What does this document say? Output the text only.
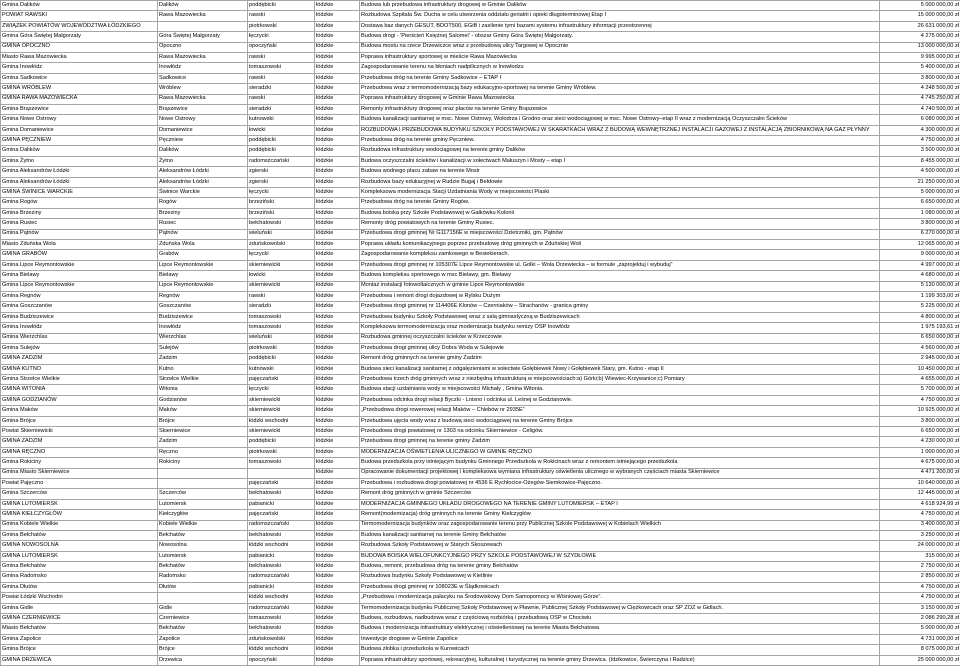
Gmina Dalików	Dalików	poddębicki	łódzkie	Budowa lub przebudowa infrastruktury drogowej w Gminie Dalików	5 000 000,00 zł
POWIAT RAWSKI	Rawa Mazowiecka	rawski	łódzkie	Rozbudowa Szpitala Św. Ducha w celu utworzenia oddziału geriatrii i opieki długoterminowej Etap I	15 000 000,00 zł
ZWIĄZEK POWIATÓW WOJEWÓDZTWA ŁÓDZKIEGO		piotrkowski	łódzkie	Dostawa baz danych GESUT, BDOT500, EGiB i zasilenie tymi bazami systemu infrastruktury informacji przestrzennej	26 631 000,00 zł
Gmina Góra Świętej Małgorzaty	Góra Świętej Małgorzaty	łęczycki	łódzkie	Budowa drogi - 'Pierścień Księżnej Salomei' - obszar Gminy Góra Świętej Małgorzaty.	4 275 000,00 zł
GMINA OPOCZNO	Opoczno	opoczyński	łódzkie	Budowa mostu na rzece Drzewiczce wraz z przebudową ulicy Targowej w Opocznie	13 000 000,00 zł
Miasto Rawa Mazowiecka	Rawa Mazowiecka	rawski	łódzkie	Poprawa infrastruktury sportowej w mieście Rawa Mazowiecka	9 995 000,00 zł
Gmina Inowłódz	Inowłódz	tomaszowski	łódzkie	Zagospodarowanie terenu na błoniach nadpilicznych w Inowłodzu	5 400 000,00 zł
Gmina Sadkowice	Sadkowice	rawski	łódzkie	Przebudowa dróg na terenie Gminy Sadkowice – ETAP I	3 800 000,00 zł
GMINA WRÓBLEW	Wróblew	sieradzki	łódzkie	Przebudowa wraz z termomodernizacją bazy edukacyjno-sportowej na terenie Gminy Wróblew.	4 248 500,00 zł
GMINA RAWA MAZOWIECKA	Rawa Mazowiecka	rawski	łódzkie	Poprawa infrastruktury drogowej w Gminie Rawa Mazowiecka	4 745 250,00 zł
Gmina Brąszewice	Brąszewice	sieradzki	łódzkie	Remonty infrastruktury drogowej oraz placów na terenie Gminy Brąszewice	4 740 500,00 zł
Gmina Nowe Ostrowy	Nowe Ostrowy	kutnowski	łódzkie	Budowa kanalizacji sanitarnej w msc. Nowe Ostrowy, Wołodrza i Grodno oraz sieci wodociągowej w msc. Nowe Ostrowy–etap II wraz z modernizacją Oczyszczalni Ścieków	6 080 000,00 zł
Gmina Domaniewice	Domaniewice	łowicki	łódzkie	ROZBUDOWA I PRZEBUDOWA BUDYNKU SZKOŁY PODSTAWOWEJ W SKARATKACH WRAZ Z BUDOWĄ WEWNĘTRZNEJ INSTALACJI GAZOWEJ Z INSTALACJĄ ZBIORNIKOWĄ NA GAZ PŁYNNY	4 300 000,00 zł
GMINA PĘCZNIEW	Pęczniew	poddębicki	łódzkie	Przebudowa dróg na terenie gminy Pęczniew.	4 750 000,00 zł
Gmina Dalików	Dalików	poddębicki	łódzkie	Rozbudowa infrastruktury wodociągowej na terenie gminy Dalików	3 500 000,00 zł
Gmina Żytno	Żytno	radomszczański	łódzkie	Budowa oczyszczalni ścieków i kanalizacji w sołectwach Maluszyn i Mosty – etap I	8 455 000,00 zł
Gmina Aleksandrów Łódzki	Aleksandrów Łódzki	zgierski	łódzkie	Budowa wodnego placu zabaw na terenie Mosir	4 500 000,00 zł
Gmina Aleksandrów Łódzki	Aleksandrów Łódzki	zgierski	łódzkie	Rozbudowa bazy edukacyjnej w Rudzie Bugaj i Bełdowie	21 250 000,00 zł
GMINA ŚWINICE WARCKIE	Świnice Warckie	łęczycki	łódzkie	Kompleksowa modernizacja Stacji Uzdatniania Wody w miejscowości Piaski	5 000 000,00 zł
Gmina Rogów	Rogów	brzeziński	łódzkie	Przebudowa dróg na terenie Gminy Rogów.	6 650 000,00 zł
Gmina Brzeziny	Brzeziny	brzeziński	łódzkie	Budowa boiska przy Szkole Podstawowej w Gałkówku Kolonii	1 080 000,00 zł
Gmina Rusiec	Rusiec	bełchatowski	łódzkie	Remonty dróg powiatowych na terenie Gminy Rusiec.	3 800 000,00 zł
Gmina Pątnów	Pątnów	wieluński	łódzkie	Przebudowa drogi gminnej Nr G117156E w miejscowości Dzietrzniki, gm. Pątnów	6 270 000,00 zł
Miasto Zduńska Wola	Zduńska Wola	zduńskowolski	łódzkie	Poprawa układu komunikacyjnego poprzez przebudowę dróg gminnych w Zduńskiej Woli	12 065 000,00 zł
GMINA GRABÓW	Grabów	łęczycki	łódzkie	Zagospodarowanie kompleksu zamkowego w Besiekierach.	9 000 000,00 zł
Gmina Lipce Reymontowskie	Lipce Reymontowskie	skierniewicki	łódzkie	Przebudowa drogi gminnej nr 105307E Lipce Reymontowskie ul. Golki – Wola Drzewiecka – w formule „zaprojektuj i wybuduj”	4 997 000,00 zł
Gmina Bielawy	Bielawy	łowicki	łódzkie	Budowa kompleksu sportowego w msc Bielawy, gm. Bielawy	4 680 000,00 zł
Gmina Lipce Reymontowskie	Lipce Reymontowskie	skierniewicki	łódzkie	Montaż instalacji fotowoltaicznych w gminie Lipce Reymontowskie	5 130 000,00 zł
Gmina Regnów	Regnów	rawski	łódzkie	Przebudowa i remont drogi dojazdowej w Rylsku Dużym	1 199 303,00 zł
Gmina Goszczanów	Goszczanów	sieradzki	łódzkie	Przebudowa drogi gminnej nr 114406E Klonów – Czerniaków – Strachanów - granica gminy	5 225 000,00 zł
Gmina Budziszewice	Budziszewice	tomaszowski	łódzkie	Przebudowa budynku Szkoły Podstawowej wraz z salą gimnastyczną w Budziszewicach	4 800 000,00 zł
Gmina Inowłódz	Inowłódz	tomaszowski	łódzkie	Kompleksowa termomodernizacja oraz modernizacja budynku remizy OSP Inowłódz	1 975 193,61 zł
Gmina Wierzchlas	Wierzchlas	wieluński	łódzkie	Rozbudowa gminnej oczyszczalni ścieków w Krzeczowie	6 650 000,00 zł
Gmina Sulejów	Sulejów	piotrkowski	łódzkie	Przebudowa drogi gminnej ulicy Dobra Woda w Sulejowie	4 560 000,00 zł
GMINA ZADZIM	Zadzim	poddębicki	łódzkie	Remont dróg gminnych na terenie gminy Zadzim	2 945 000,00 zł
GMINA KUTNO	Kutno	kutnowski	łódzkie	Budowa sieci kanalizacji sanitarnej z odgałęzieniami w sołectwie Gołębiewek Nowy i Gołębiewek Stary, gm. Kutno - etap II	10 450 000,00 zł
Gmina Strzelce Wielkie	Strzelce Wielkie	pajęczański	łódzkie	Przebudowa trzech dróg gminnych wraz z niezbędną infrastrukturą w miejscowościach:a) Górki;b) Wiewiec-Krzywanice;c) Pomiary	4 655 000,00 zł
GMINA WITONIA	Witonia	łęczycki	łódzkie	Budowa stacji uzdatniania wody w miejscowości Michały , Gmina Witonia.	5 700 000,00 zł
GMINA GODZIANÓW	Godzianów	skierniewicki	łódzkie	Przebudowa odcinka drogi relacji Byczki - Lnisno i odcinka ul. Leśnej w Godzianowie.	4 750 000,00 zł
Gmina Maków	Maków	skierniewicki	łódzkie	„Przebudowa drogi rowerowej relacji Maków – Chlebów nr 2935E”	10 925 000,00 zł
Gmina Brójce	Brójce	łódzki wschodni	łódzkie	Przebudowa ujęcia wody wraz z budową sieci wodociągowej na terenie Gminy Brójce	3 800 000,00 zł
Powiat Skierniewicki	Skierniewice	skierniewicki	łódzkie	Przebudowa drogi powiatowej nr 1303 na odcinku Skierniewice - Celigów.	6 650 000,00 zł
GMINA ZADZIM	Zadzim	poddębicki	łódzkie	Przebudowa drogi gminnej na terenie gminy Zadzim	4 230 000,00 zł
GMINA RĘCZNO	Ręczno	piotrkowski	łódzkie	MODERNIZACJA OŚWIETLENIA ULICZNEGO W GMINIE RĘCZNO	1 000 000,00 zł
Gmina Rokiciny	Rokiciny	tomaszowski	łódzkie	Budowa przedszkola przy istniejącym budynku Gminnego Przedszkola w Rokicinach wraz z remontem istniejącego przedszkola	4 675 000,00 zł
Gmina Miasto Skierniewice			łódzkie	Opracowanie dokumentacji projektowej i kompleksowa wymiana infrastruktury oświetlenia ulicznego w wybranych częściach miasta Skierniewice	4 471 200,00 zł
Powiat Pajęczno		pajęczański	łódzkie	Przebudowa i rozbudowa drogi powiatowej nr 4536 E Rychłocice-Ożegów-Siemkowice-Pajęczno.	10 640 000,00 zł
Gmina Szczerców	Szczerców	bełchatowski	łódzkie	Remont dróg gminnych w gminie Szczerców	12 445 000,00 zł
GMINA LUTOMIERSK	Lutomiersk	pabianicki	łódzkie	MODERNIZACJA GMINNEGO UKŁADU DROGOWEGO NA TERENIE GMINY LUTOMIERSK – ETAP I	4 618 924,99 zł
GMINA KIEŁCZYGŁÓW	Kiełczygłów	pajęczański	łódzkie	Remont(modernizacja) dróg gminnych na terenie Gminy Kiełczygłów	4 750 000,00 zł
Gmina Kobiele Wielkie	Kobiele Wielkie	radomszczański	łódzkie	Termomodernizacja budynków oraz zagospodarowanie terenu przy Publicznej Szkole Podstawowej w Kobielach Wielkich	3 400 000,00 zł
Gmina Bełchatów	Bełchatów	bełchatowski	łódzkie	Budowa kanalizacji sanitarnej na terenie Gminy Bełchatów	3 250 000,00 zł
GMINA NOWOSOLNA	Nowosolna	łódzki wschodni	łódzkie	Rozbudowa Szkoły Podstawowej w Starych Skoszewach	24 000 000,00 zł
GMINA LUTOMIERSK	Lutomiersk	pabianicki	łódzkie	BUDOWA BOISKA WIELOFUNKCYJNEGO PRZY SZKOLE PODSTAWOWEJ W SZYDŁOWIE	315 000,00 zł
Gmina Bełchatów	Bełchatów	bełchatowski	łódzkie	Budowa, remont, przebudowa dróg na terenie gminy Bełchatów	2 750 000,00 zł
Gmina Radomsko	Radomsko	radomszczański	łódzkie	Rozbudowa budynku Szkoły Podstawowej w Kietlinie	2 850 000,00 zł
Gmina Dłutów	Dłutów	pabianicki	łódzkie	Przebudowa drogi gminnej nr 108023E w Ślądkowicach	4 750 000,00 zł
Powiat Łódzki Wschodni		łódzki wschodni	łódzkie	„Przebudowa i modernizacja pałacyku na Środowiskowy Dom Samopomocy w Wiśniowej Górze”.	4 750 000,00 zł
Gmina Gidle	Gidle	radomszczański	łódzkie	Termomodernizacja budynku Publicznej Szkoły Podstawowej w Pławnie, Publicznej Szkoły Podstawowej w Ciężkowicach oraz SP ZOZ w Gidlach.	3 150 000,00 zł
GMINA CZERNIEWICE	Czerniewice	tomaszowski	łódzkie	Budowa, rozbudowa, nadbudowa wraz z częściową rozbiórką i przebudową OSP w Chociwiu	2 086 290,28 zł
Miasto Bełchatów	Bełchatów	bełchatowski	łódzkie	Budowa i modernizacja infrastruktury elektrycznej i oświetleniowej na terenie Miasta Bełchatowa	5 000 000,00 zł
Gmina Zapolice	Zapolice	zduńskowolski	łódzkie	Inwestycje drogowe w Gminie Zapolice	4 731 000,00 zł
Gmina Brójce	Brójce	łódzki wschodni	łódzkie	Budowa żłobka i przedszkola w Kurowicach	8 075 000,00 zł
GMINA DRZEWICA	Drzewica	opoczyński	łódzkie	Poprawa infrastruktury sportowej, rekreacyjnej, kulturalnej i turystycznej na terenie gminy Drzewica. (Idzikowice, Świerczyna i Radzice)	25 000 000,00 zł
